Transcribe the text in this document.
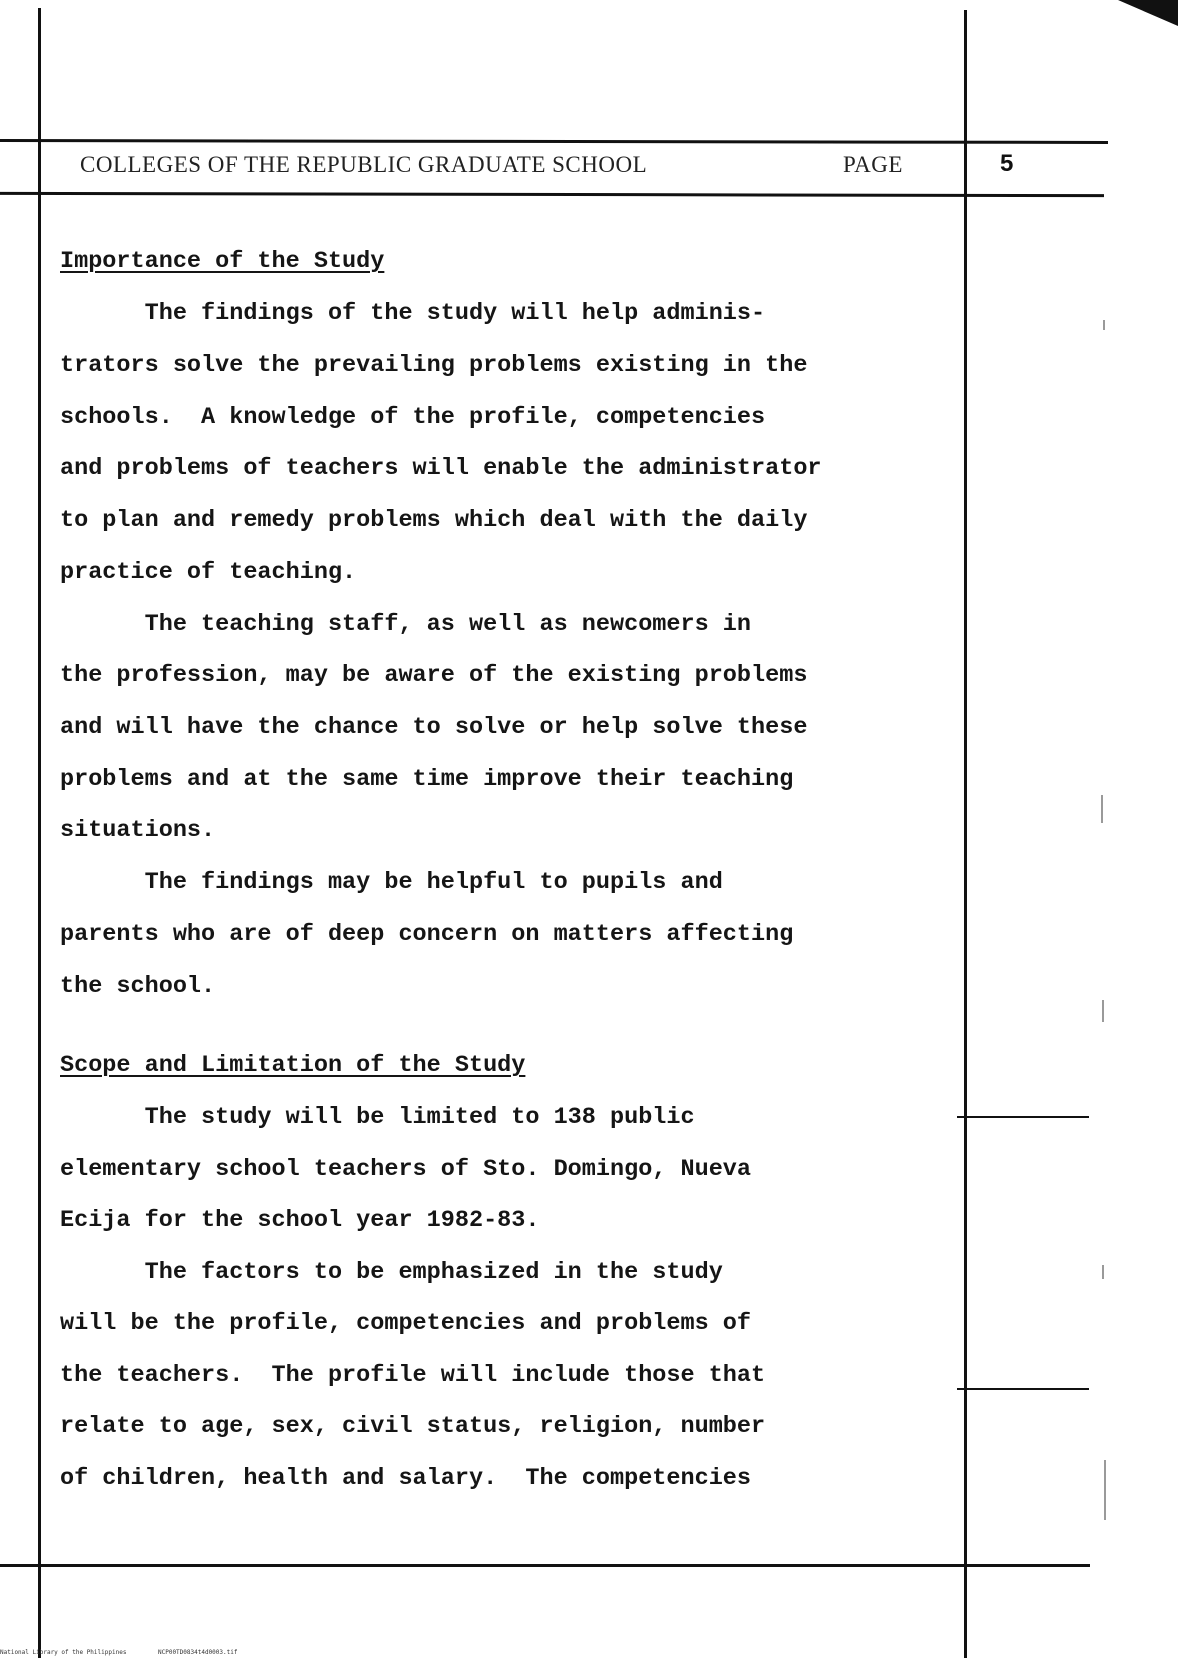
COLLEGES OF THE REPUBLIC GRADUATE SCHOOL	PAGE	5
Importance of the Study
The findings of the study will help adminis-
trators solve the prevailing problems existing in the
schools.  A knowledge of the profile, competencies
and problems of teachers will enable the administrator
to plan and remedy problems which deal with the daily
practice of teaching.
The teaching staff, as well as newcomers in
the profession, may be aware of the existing problems
and will have the chance to solve or help solve these
problems and at the same time improve their teaching
situations.
The findings may be helpful to pupils and
parents who are of deep concern on matters affecting
the school.
Scope and Limitation of the Study
The study will be limited to 138 public
elementary school teachers of Sto. Domingo, Nueva
Ecija for the school year 1982-83.
The factors to be emphasized in the study
will be the profile, competencies and problems of
the teachers.  The profile will include those that
relate to age, sex, civil status, religion, number
of children, health and salary.  The competencies
National Library of the Philippines	NCP00TD0834t4d0003.tif
